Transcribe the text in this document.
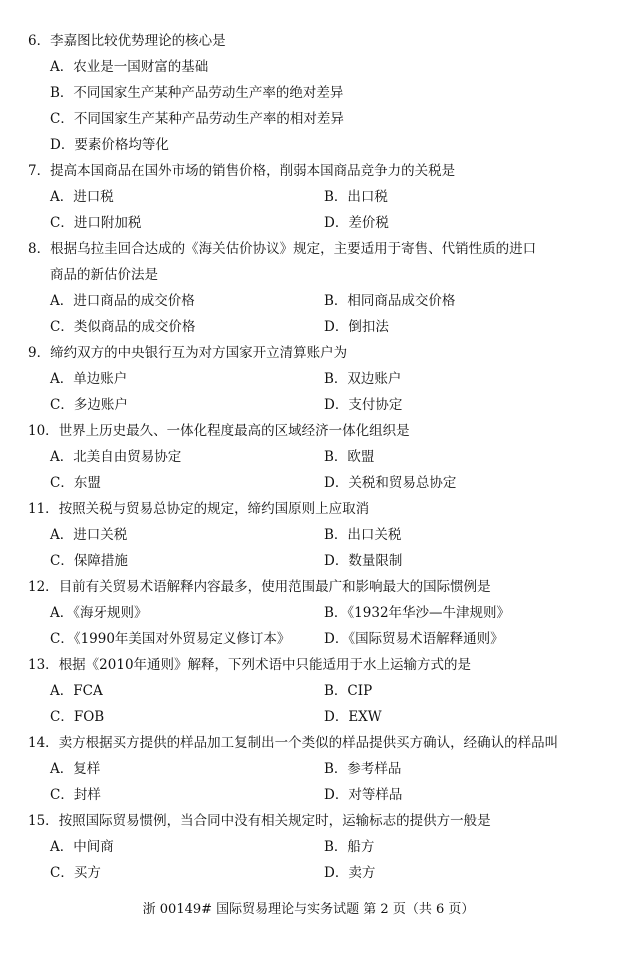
6．李嘉图比较优势理论的核心是
A．农业是一国财富的基础
B．不同国家生产某种产品劳动生产率的绝对差异
C．不同国家生产某种产品劳动生产率的相对差异
D．要素价格均等化
7．提高本国商品在国外市场的销售价格，削弱本国商品竞争力的关税是
A．进口税	B．出口税
C．进口附加税	D．差价税
8．根据乌拉圭回合达成的《海关估价协议》规定，主要适用于寄售、代销性质的进口
商品的新估价法是
A．进口商品的成交价格	B．相同商品成交价格
C．类似商品的成交价格	D．倒扣法
9．缔约双方的中央银行互为对方国家开立清算账户为
A．单边账户	B．双边账户
C．多边账户	D．支付协定
10．世界上历史最久、一体化程度最高的区域经济一体化组织是
A．北美自由贸易协定	B．欧盟
C．东盟	D．关税和贸易总协定
11．按照关税与贸易总协定的规定，缔约国原则上应取消
A．进口关税	B．出口关税
C．保障措施	D．数量限制
12．目前有关贸易术语解释内容最多，使用范围最广和影响最大的国际惯例是
A．《海牙规则》	B．《1932年华沙—牛津规则》
C．《1990年美国对外贸易定义修订本》 D．《国际贸易术语解释通则》
13．根据《2010年通则》解释，下列术语中只能适用于水上运输方式的是
A．FCA	B．CIP
C．FOB	D．EXW
14．卖方根据买方提供的样品加工复制出一个类似的样品提供买方确认，经确认的样品叫
A．复样	B．参考样品
C．封样	D．对等样品
15．按照国际贸易惯例，当合同中没有相关规定时，运输标志的提供方一般是
A．中间商	B．船方
C．买方	D．卖方
浙 00149# 国际贸易理论与实务试题 第 2 页（共 6 页）
